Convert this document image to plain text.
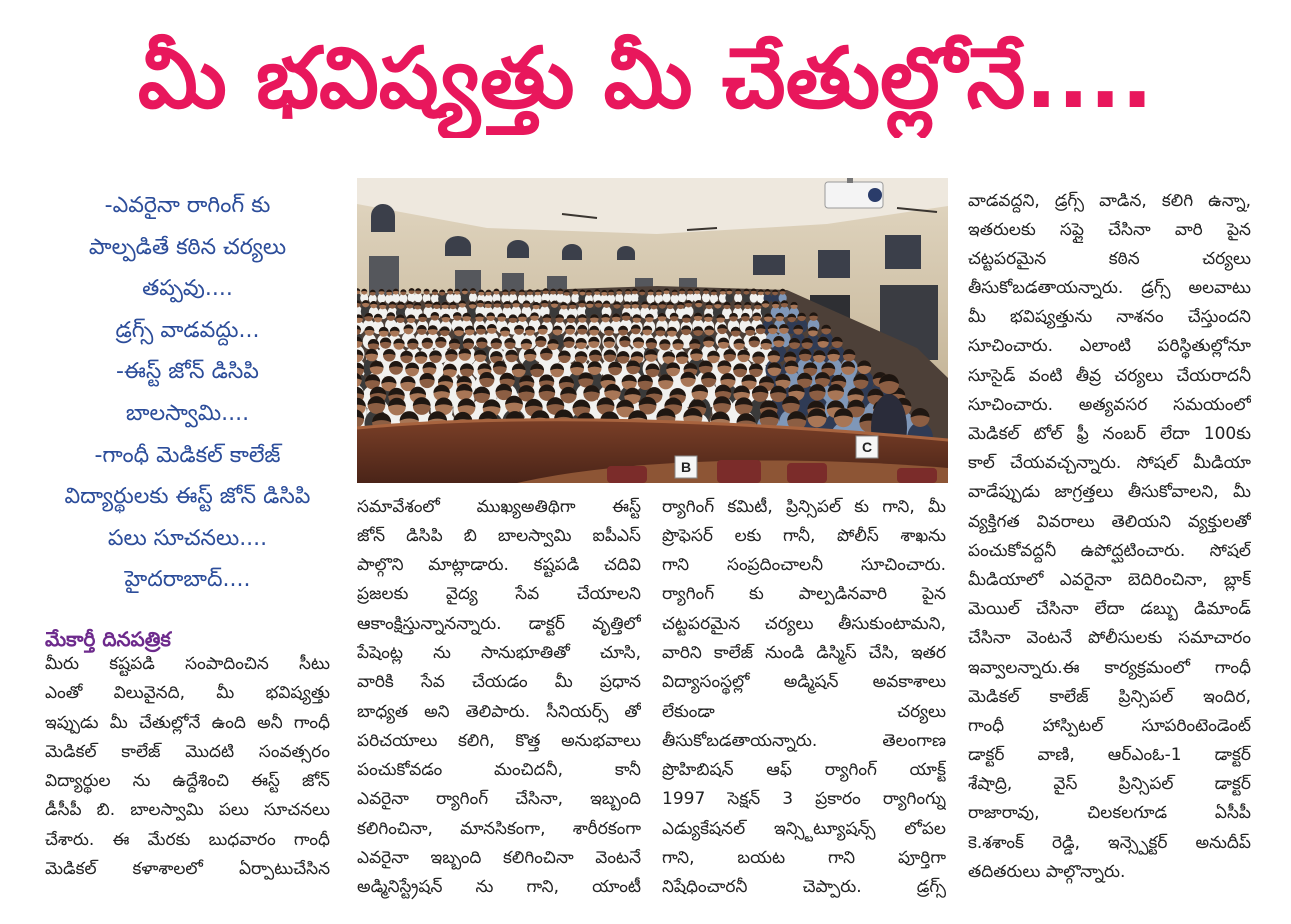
మీ భవిష్యత్తు మీ చేతుల్లోనే....
-ఎవరైనా రాగింగ్ కు
పాల్పడితే కఠిన చర్యలు
తప్పవు....
డ్రగ్స్ వాడవద్దు...
-ఈస్ట్ జోన్ డిసిపి
బాలస్వామి....
-గాంధీ మెడికల్ కాలేజ్
విద్యార్థులకు ఈస్ట్ జోన్ డిసిపి
పలు సూచనలు....
హైదరాబాద్....
మేకార్తీ దినపత్రిక
మీరు కష్టపడి సంపాదించిన సీటు
ఎంతో విలువైనది, మీ భవిష్యత్తు
ఇప్పుడు మీ చేతుల్లోనే ఉంది అనీ గాంధీ
మెడికల్ కాలేజ్ మొదటి సంవత్సరం
విద్యార్థుల ను ఉద్దేశించి ఈస్ట్ జోన్
డీసీపీ బి. బాలస్వామి పలు సూచనలు
చేశారు. ఈ మేరకు బుధవారం గాంధీ
మెడికల్ కళాశాలలో ఏర్పాటుచేసిన
B
C
సమావేశంలో ముఖ్యఅతిథిగా ఈస్ట్
జోన్ డిసిపి బి బాలస్వామి ఐపీఎస్
పాల్గొని మాట్లాడారు. కష్టపడి చదివి
ప్రజలకు వైద్య సేవ చేయాలని
ఆకాంక్షిస్తున్నానన్నారు. డాక్టర్ వృత్తిలో
పేషెంట్ల ను సానుభూతితో చూసి,
వారికి సేవ చేయడం మీ ప్రధాన
బాధ్యత అని తెలిపారు. సీనియర్స్ తో
పరిచయాలు కలిగి, కొత్త అనుభవాలు
పంచుకోవడం మంచిదనీ, కానీ
ఎవరైనా ర్యాగింగ్ చేసినా, ఇబ్బంది
కలిగించినా, మానసికంగా, శారీరకంగా
ఎవరైనా ఇబ్బంది కలిగించినా వెంటనే
అడ్మినిస్ట్రేషన్ ను గాని, యాంటీ
ర్యాగింగ్ కమిటీ, ప్రిన్సిపల్ కు గాని, మీ
ప్రొఫెసర్ లకు గానీ, పోలీస్ శాఖను
గాని సంప్రదించాలనీ సూచించారు.
ర్యాగింగ్ కు పాల్పడినవారి పైన
చట్టపరమైన చర్యలు తీసుకుంటామని,
వారిని కాలేజ్ నుండి డిస్మిస్ చేసి, ఇతర
విద్యాసంస్థల్లో అడ్మిషన్ అవకాశాలు
లేకుండా చర్యలు
తీసుకోబడతాయన్నారు. తెలంగాణ
ప్రొహిబిషన్ ఆఫ్ ర్యాగింగ్ యాక్ట్
1997 సెక్షన్ 3 ప్రకారం ర్యాగింగ్ను
ఎడ్యుకేషనల్ ఇన్స్టిట్యూషన్స్ లోపల
గాని, బయట గాని పూర్తిగా
నిషేధించారనీ చెప్పారు. డ్రగ్స్
వాడవద్దని, డ్రగ్స్ వాడిన, కలిగి ఉన్నా,
ఇతరులకు సప్లై చేసినా వారి పైన
చట్టపరమైన కఠిన చర్యలు
తీసుకోబడతాయన్నారు. డ్రగ్స్ అలవాటు
మీ భవిష్యత్తును నాశనం చేస్తుందని
సూచించారు. ఎలాంటి పరిస్థితుల్లోనూ
సూసైడ్ వంటి తీవ్ర చర్యలు చేయరాదనీ
సూచించారు. అత్యవసర సమయంలో
మెడికల్ టోల్ ఫ్రీ నంబర్ లేదా 100కు
కాల్ చేయవచ్చన్నారు. సోషల్ మీడియా
వాడేప్పుడు జాగ్రత్తలు తీసుకోవాలని, మీ
వ్యక్తిగత వివరాలు తెలియని వ్యక్తులతో
పంచుకోవద్దనీ ఉపోద్ఘటించారు. సోషల్
మీడియాలో ఎవరైనా బెదిరించినా, బ్లాక్
మెయిల్ చేసినా లేదా డబ్బు డిమాండ్
చేసినా వెంటనే పోలీసులకు సమాచారం
ఇవ్వాలన్నారు.ఈ కార్యక్రమంలో గాంధీ
మెడికల్ కాలేజ్ ప్రిన్సిపల్ ఇందిర,
గాంధీ హాస్పిటల్ సూపరింటెండెంట్
డాక్టర్ వాణి, ఆర్ఎంఓ-1 డాక్టర్
శేషాద్రి, వైస్ ప్రిన్సిపల్ డాక్టర్
రాజారావు, చిలకలగూడ ఏసీపీ
కె.శశాంక్ రెడ్డి, ఇన్స్పెక్టర్ అనుదీప్
తదితరులు పాల్గొన్నారు.
